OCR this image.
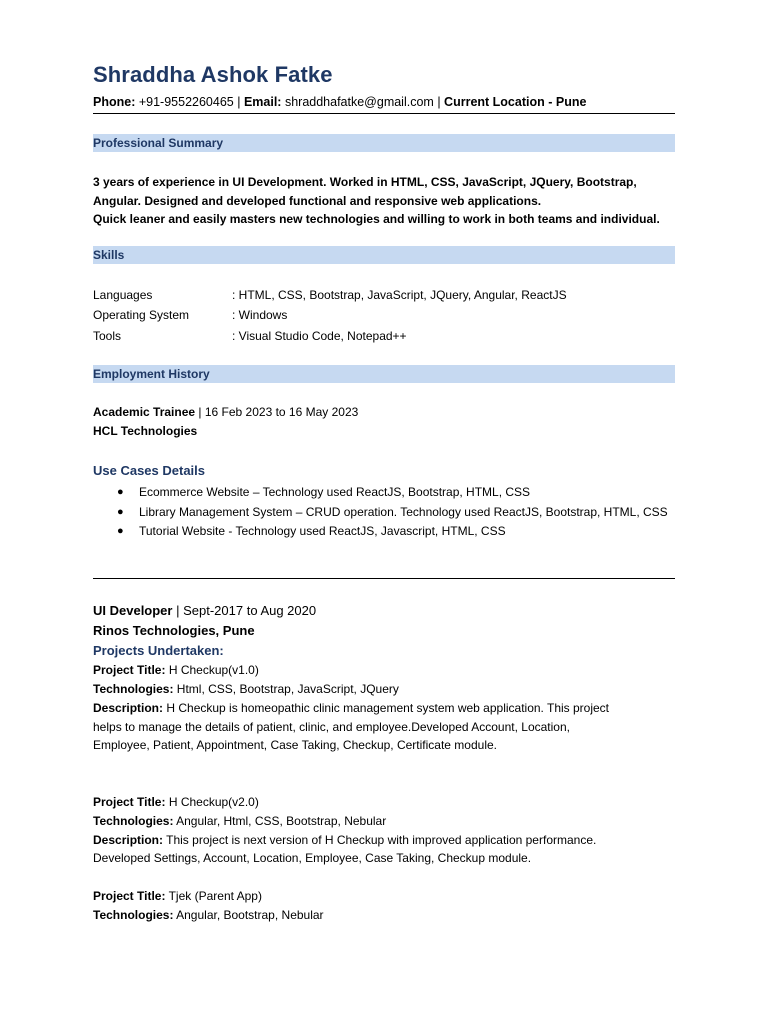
Shraddha Ashok Fatke
Phone: +91-9552260465 | Email: shraddhafatke@gmail.com | Current Location - Pune
Professional Summary
3 years of experience in UI Development. Worked in HTML, CSS, JavaScript, JQuery, Bootstrap,
Angular. Designed and developed functional and responsive web applications.
Quick leaner and easily masters new technologies and willing to work in both teams and individual.
Skills
Languages	: HTML, CSS, Bootstrap, JavaScript, JQuery, Angular, ReactJS
Operating System	: Windows
Tools	: Visual Studio Code, Notepad++
Employment History
Academic Trainee | 16 Feb 2023 to 16 May 2023
HCL Technologies
Use Cases Details
● Ecommerce Website – Technology used ReactJS, Bootstrap, HTML, CSS
● Library Management System – CRUD operation. Technology used ReactJS, Bootstrap, HTML, CSS
● Tutorial Website - Technology used ReactJS, Javascript, HTML, CSS
UI Developer | Sept-2017 to Aug 2020
Rinos Technologies, Pune
Projects Undertaken:
Project Title: H Checkup(v1.0)
Technologies: Html, CSS, Bootstrap, JavaScript, JQuery
Description: H Checkup is homeopathic clinic management system web application. This project
helps to manage the details of patient, clinic, and employee.Developed Account, Location,
Employee, Patient, Appointment, Case Taking, Checkup, Certificate module.
Project Title: H Checkup(v2.0)
Technologies: Angular, Html, CSS, Bootstrap, Nebular
Description: This project is next version of H Checkup with improved application performance.
Developed Settings, Account, Location, Employee, Case Taking, Checkup module.
Project Title: Tjek (Parent App)
Technologies: Angular, Bootstrap, Nebular
